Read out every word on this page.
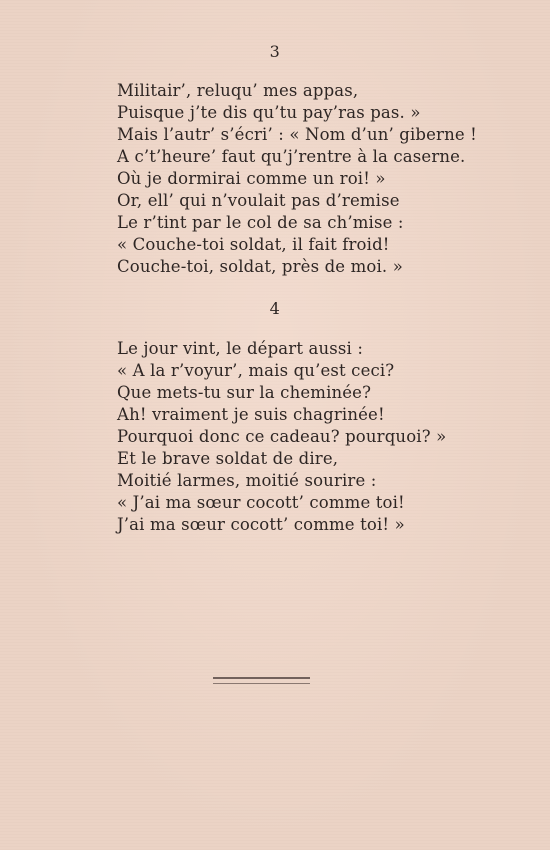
3
Militair’, reluqu’ mes appas,
Puisque j’te dis qu’tu pay’ras pas. »
Mais l’autr’ s’écri’ : « Nom d’un’ giberne !
A c’t’heure’ faut qu’j’rentre à la caserne.
Où je dormirai comme un roi! »
Or, ell’ qui n’voulait pas d’remise
Le r’tint par le col de sa ch’mise :
« Couche-toi soldat, il fait froid!
Couche-toi, soldat, près de moi. »
4
Le jour vint, le départ aussi :
« A la r’voyur’, mais qu’est ceci?
Que mets-tu sur la cheminée?
Ah! vraiment je suis chagrinée!
Pourquoi donc ce cadeau? pourquoi? »
Et le brave soldat de dire,
Moitié larmes, moitié sourire :
« J’ai ma sœur cocott’ comme toi!
J’ai ma sœur cocott’ comme toi! »
